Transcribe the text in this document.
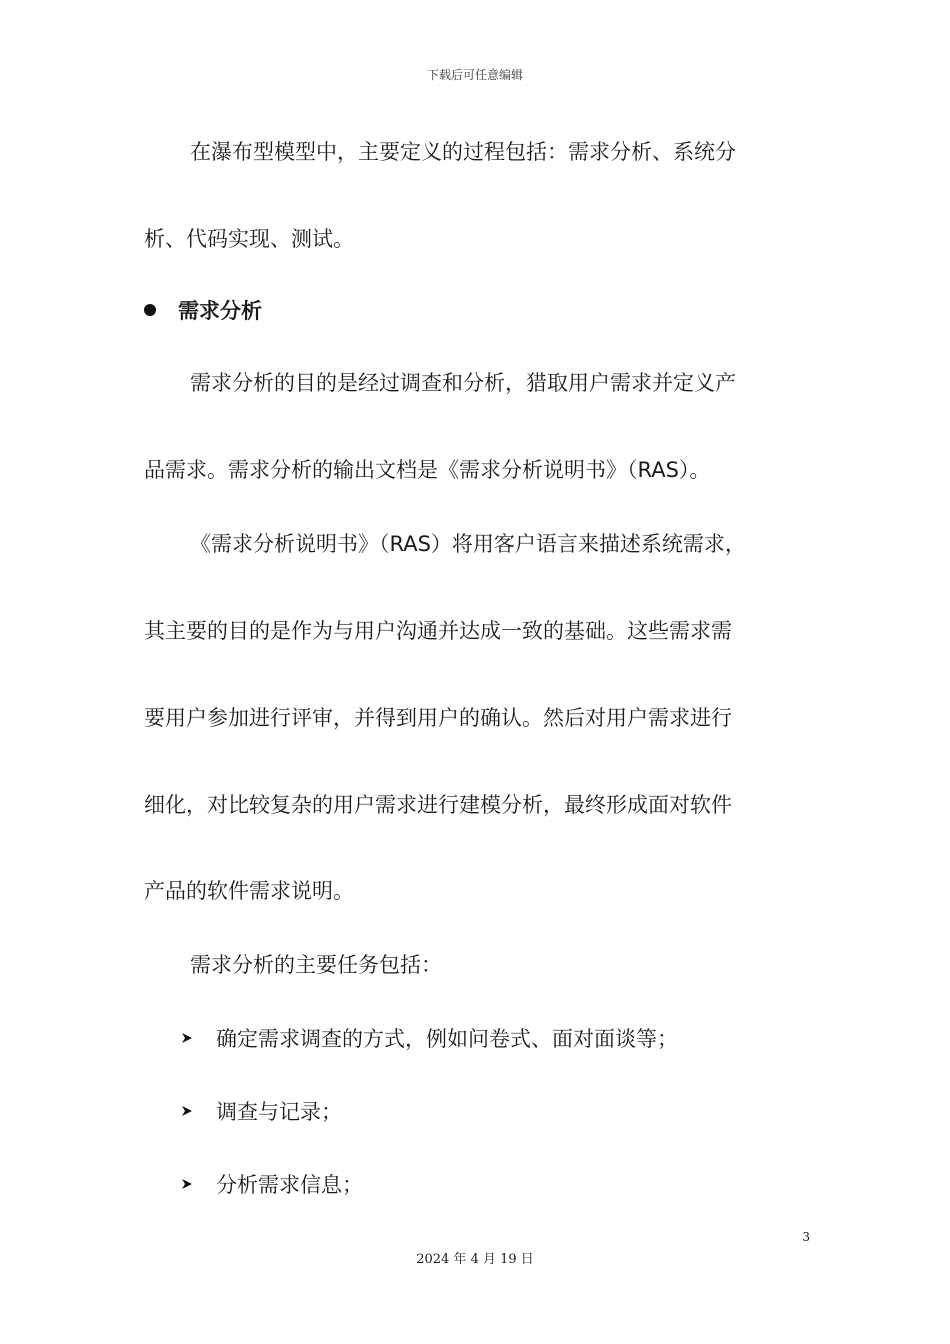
下载后可任意编辑
在瀑布型模型中，主要定义的过程包括：需求分析、系统分
析、代码实现、测试。
需求分析
需求分析的目的是经过调查和分析，猎取用户需求并定义产
品需求。需求分析的输出文档是《需求分析说明书》（RAS）。
《需求分析说明书》（RAS）将用客户语言来描述系统需求，
其主要的目的是作为与用户沟通并达成一致的基础。这些需求需
要用户参加进行评审，并得到用户的确认。然后对用户需求进行
细化，对比较复杂的用户需求进行建模分析，最终形成面对软件
产品的软件需求说明。
需求分析的主要任务包括：
确定需求调查的方式，例如问卷式、面对面谈等；
调查与记录；
分析需求信息；
3
2024 年 4 月 19 日
